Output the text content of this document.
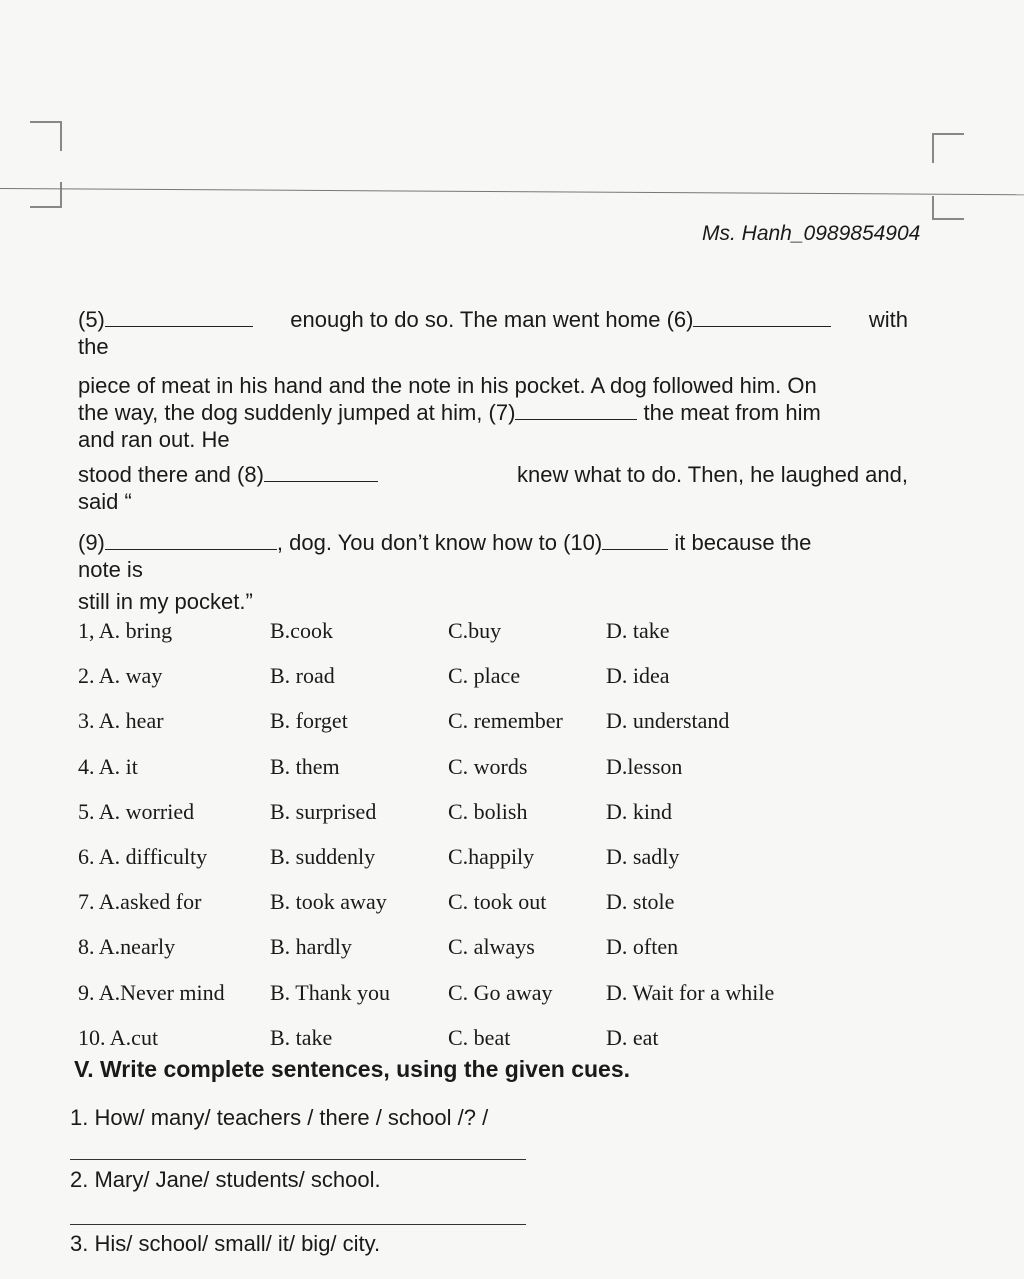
Ms. Hanh_0989854904
(5)	enough to do so. The man went home (6)	with
the
piece of meat in his hand and the note in his pocket. A dog followed him. On
the way, the dog suddenly jumped at him, (7)	the meat from him
and ran out. He
stood there and (8)	knew what to do. Then, he laughed and,
said “
(9)	, dog. You don’t know how to (10)	it because the
note is
still in my pocket.”
1, A. bring	B.cook	C.buy	D. take
2. A. way	B. road	C. place	D. idea
3. A. hear	B. forget	C. remember	D. understand
4. A. it	B. them	C. words	D.lesson
5. A. worried	B. surprised	C. bolish	D. kind
6. A. difficulty	B. suddenly	C.happily	D. sadly
7. A.asked for	B. took away	C. took out	D. stole
8. A.nearly	B. hardly	C. always	D. often
9. A.Never mind	B. Thank you	C. Go away	D. Wait for a while
10. A.cut	B. take	C. beat	D. eat
V. Write complete sentences, using the given cues.
1. How/ many/ teachers / there / school /? /
2. Mary/ Jane/ students/ school.
3. His/ school/ small/ it/ big/ city.
